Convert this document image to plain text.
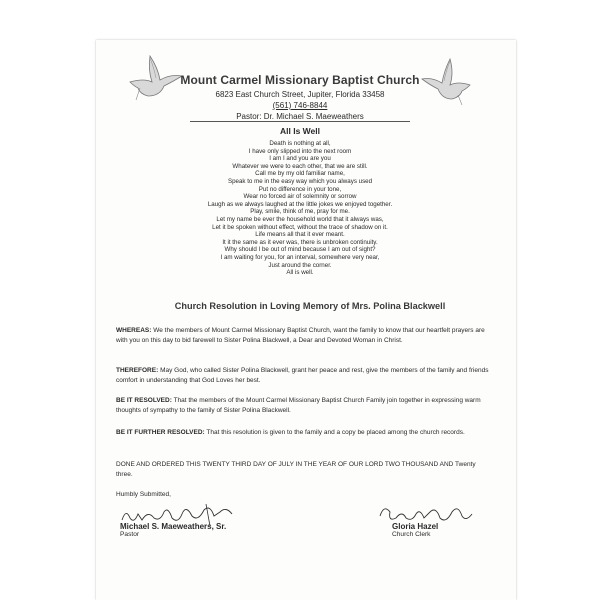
Mount Carmel Missionary Baptist Church
6823 East Church Street, Jupiter, Florida 33458
(561) 746-8844
Pastor: Dr. Michael S. Maeweathers
All Is Well
Death is nothing at all,
I have only slipped into the next room
I am I and you are you
Whatever we were to each other, that we are still.
Call me by my old familiar name,
Speak to me in the easy way which you always used
Put no difference in your tone,
Wear no forced air of solemnity or sorrow
Laugh as we always laughed at the little jokes we enjoyed together.
Play, smile, think of me, pray for me.
Let my name be ever the household world that it always was,
Let it be spoken without effect, without the trace of shadow on it.
Life means all that it ever meant.
It it the same as it ever was, there is unbroken continuity.
Why should I be out of mind because I am out of sight?
I am waiting for you, for an interval, somewhere very near,
Just around the corner.
All is well.
Church Resolution in Loving Memory of Mrs. Polina Blackwell
WHEREAS: We the members of Mount Carmel Missionary Baptist Church, want the family to know that our heartfelt prayers are with you on this day to bid farewell to Sister Polina Blackwell, a Dear and Devoted Woman in Christ.
THEREFORE: May God, who called Sister Polina Blackwell, grant her peace and rest, give the members of the family and friends comfort in understanding that God Loves her best.
BE IT RESOLVED: That the members of the Mount Carmel Missionary Baptist Church Family join together in expressing warm thoughts of sympathy to the family of Sister Polina Blackwell.
BE IT FURTHER RESOLVED: That this resolution is given to the family and a copy be placed among the church records.
DONE AND ORDERED THIS TWENTY THIRD DAY OF JULY IN THE YEAR OF OUR LORD TWO THOUSAND AND Twenty three.
Humbly Submitted,
Michael S. Maeweathers, Sr.
Pastor
Gloria Hazel
Church Clerk
